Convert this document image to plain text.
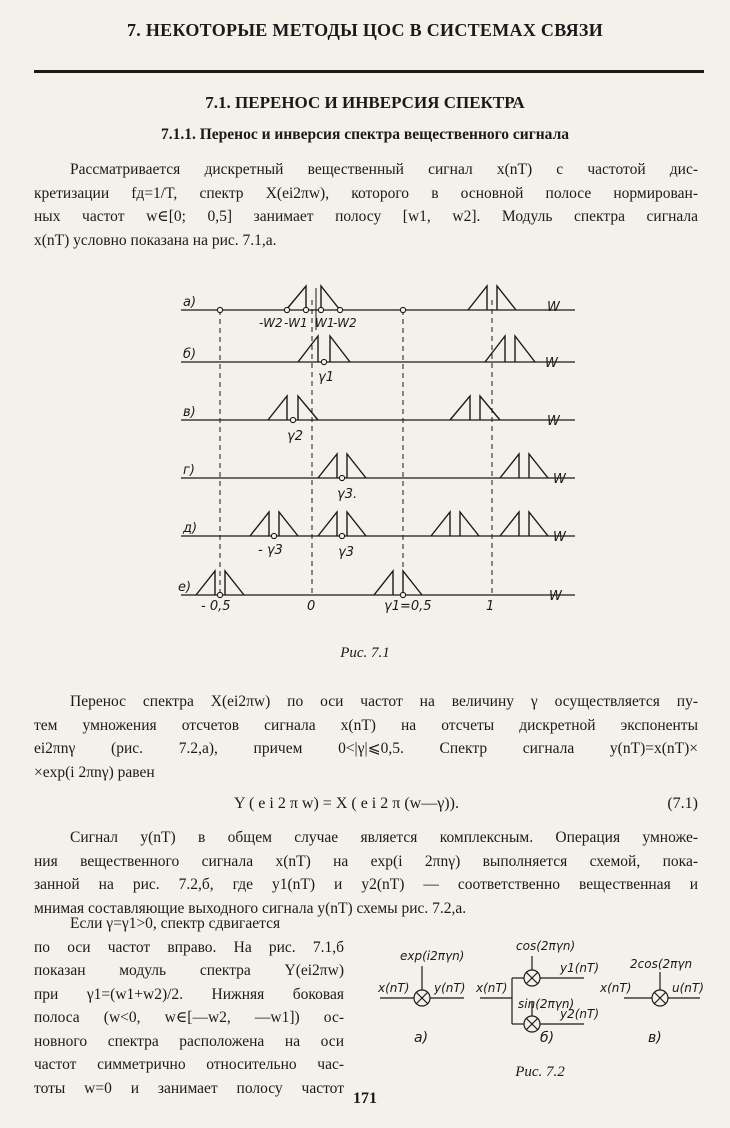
7. НЕКОТОРЫЕ МЕТОДЫ ЦОС В СИСТЕМАХ СВЯЗИ
7.1. ПЕРЕНОС И ИНВЕРСИЯ СПЕКТРА
7.1.1. Перенос и инверсия спектра вещественного сигнала
Рассматривается дискретный вещественный сигнал x(nT) с частотой дис-
кретизации fд=1/T, спектр X(ei2πw), которого в основной полосе нормирован-
ных частот w∈[0; 0,5] занимает полосу [w1, w2]. Модуль спектра сигнала
x(nT) условно показана на рис. 7.1,а.
а)
б)
в)
г)
д)
е)
W
W
W
W
W
W
-W2 -W1 W1
-W2
γ1
γ2
γ3.
- γ3	γ3
- 0,5	0	γ1=0,5	1
Рис. 7.1
Перенос спектра X(ei2πw) по оси частот на величину γ осуществляется пу-
тем умножения отсчетов сигнала x(nT) на отсчеты дискретной экспоненты
ei2πnγ (рис. 7.2,а), причем 0<|γ|⩽0,5. Спектр сигнала y(nT)=x(nT)×
×exp(i 2πnγ) равен
Y ( e i 2 π w) = X ( e i 2 π (w—γ)).	(7.1)
Сигнал y(nT) в общем случае является комплексным. Операция умноже-
ния вещественного сигнала x(nT) на exp(i 2πnγ) выполняется схемой, пока-
занной на рис. 7.2,б, где y1(nT) и y2(nT) — соответственно вещественная и
мнимая составляющие выходного сигнала y(nT) схемы рис. 7.2,а.
Если γ=γ1>0, спектр сдвигается
по оси частот вправо. На рис. 7.1,б
показан модуль спектра Y(ei2πw)
при γ1=(w1+w2)/2. Нижняя боковая
полоса (w<0, w∈[—w2, —w1]) ос-
новного спектра расположена на оси
частот симметрично относительно час-
тоты w=0 и занимает полосу частот
exp(i2πγn)
x(nT) y(nT)
а)
x(nT)
cos(2πγn)
sin(2πγn)
y1(nT)
y2(nT)
б)
2cos(2πγn
x(nT)	u(nT)
в)
Рис. 7.2
171
